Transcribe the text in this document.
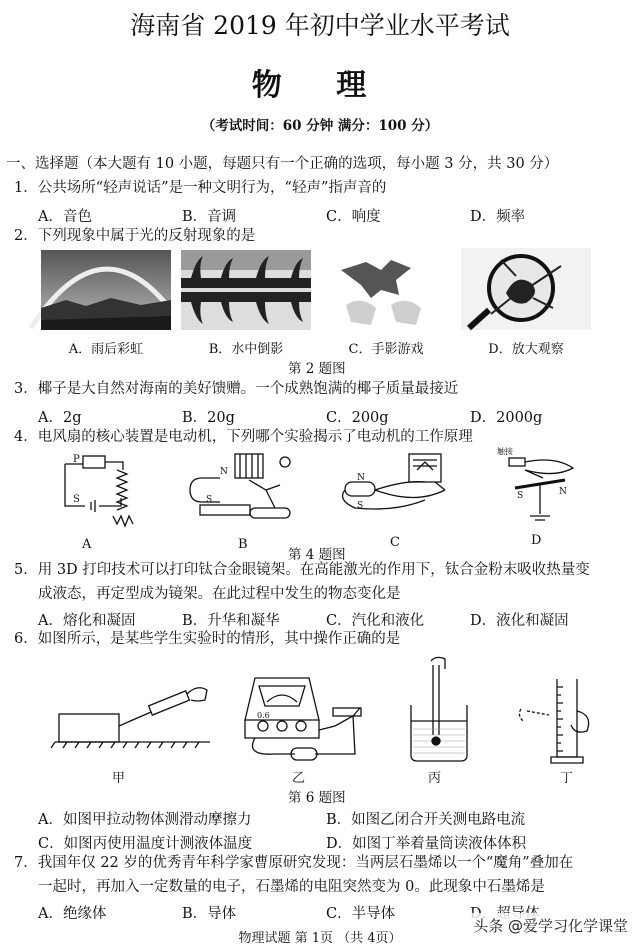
海南省 2019 年初中学业水平考试
物 理
（考试时间：60 分钟 满分：100 分）
一、选择题（本大题有 10 小题，每题只有一个正确的选项，每小题 3 分，共 30 分）
1．公共场所“轻声说话”是一种文明行为，“轻声”指声音的
A．音色	B．音调	C．响度	D．频率
2．下列现象中属于光的反射现象的是
A．雨后彩虹	B．水中倒影	C．手影游戏	D．放大观察
第 2 题图
3．椰子是大自然对海南的美好馈赠。一个成熟饱满的椰子质量最接近
A．2g	B．20g	C．200g	D．2000g
4．电风扇的核心装置是电动机，下列哪个实验揭示了电动机的工作原理
P
S
N
S
N
S
触接
S	N
A	B	C	D
第 4 题图
5．用 3D 打印技术可以打印钛合金眼镜架。在高能激光的作用下，钛合金粉末吸收热量变
成液态，再定型成为镜架。在此过程中发生的物态变化是
A．熔化和凝固	B．升华和凝华	C．汽化和液化	D．液化和凝固
6．如图所示，是某些学生实验时的情形，其中操作正确的是
0.6
甲	乙	丙	丁
第 6 题图
A．如图甲拉动物体测滑动摩擦力	B．如图乙闭合开关测电路电流
C．如图丙使用温度计测液体温度	D．如图丁举着量筒读液体体积
7．我国年仅 22 岁的优秀青年科学家曹原研究发现：当两层石墨烯以一个“魔角”叠加在
一起时，再加入一定数量的电子，石墨烯的电阻突然变为 0。此现象中石墨烯是
A．绝缘体	B．导体	C．半导体
物理试题 第 1页 （共 4页）
头条 @爱学习化学课堂
